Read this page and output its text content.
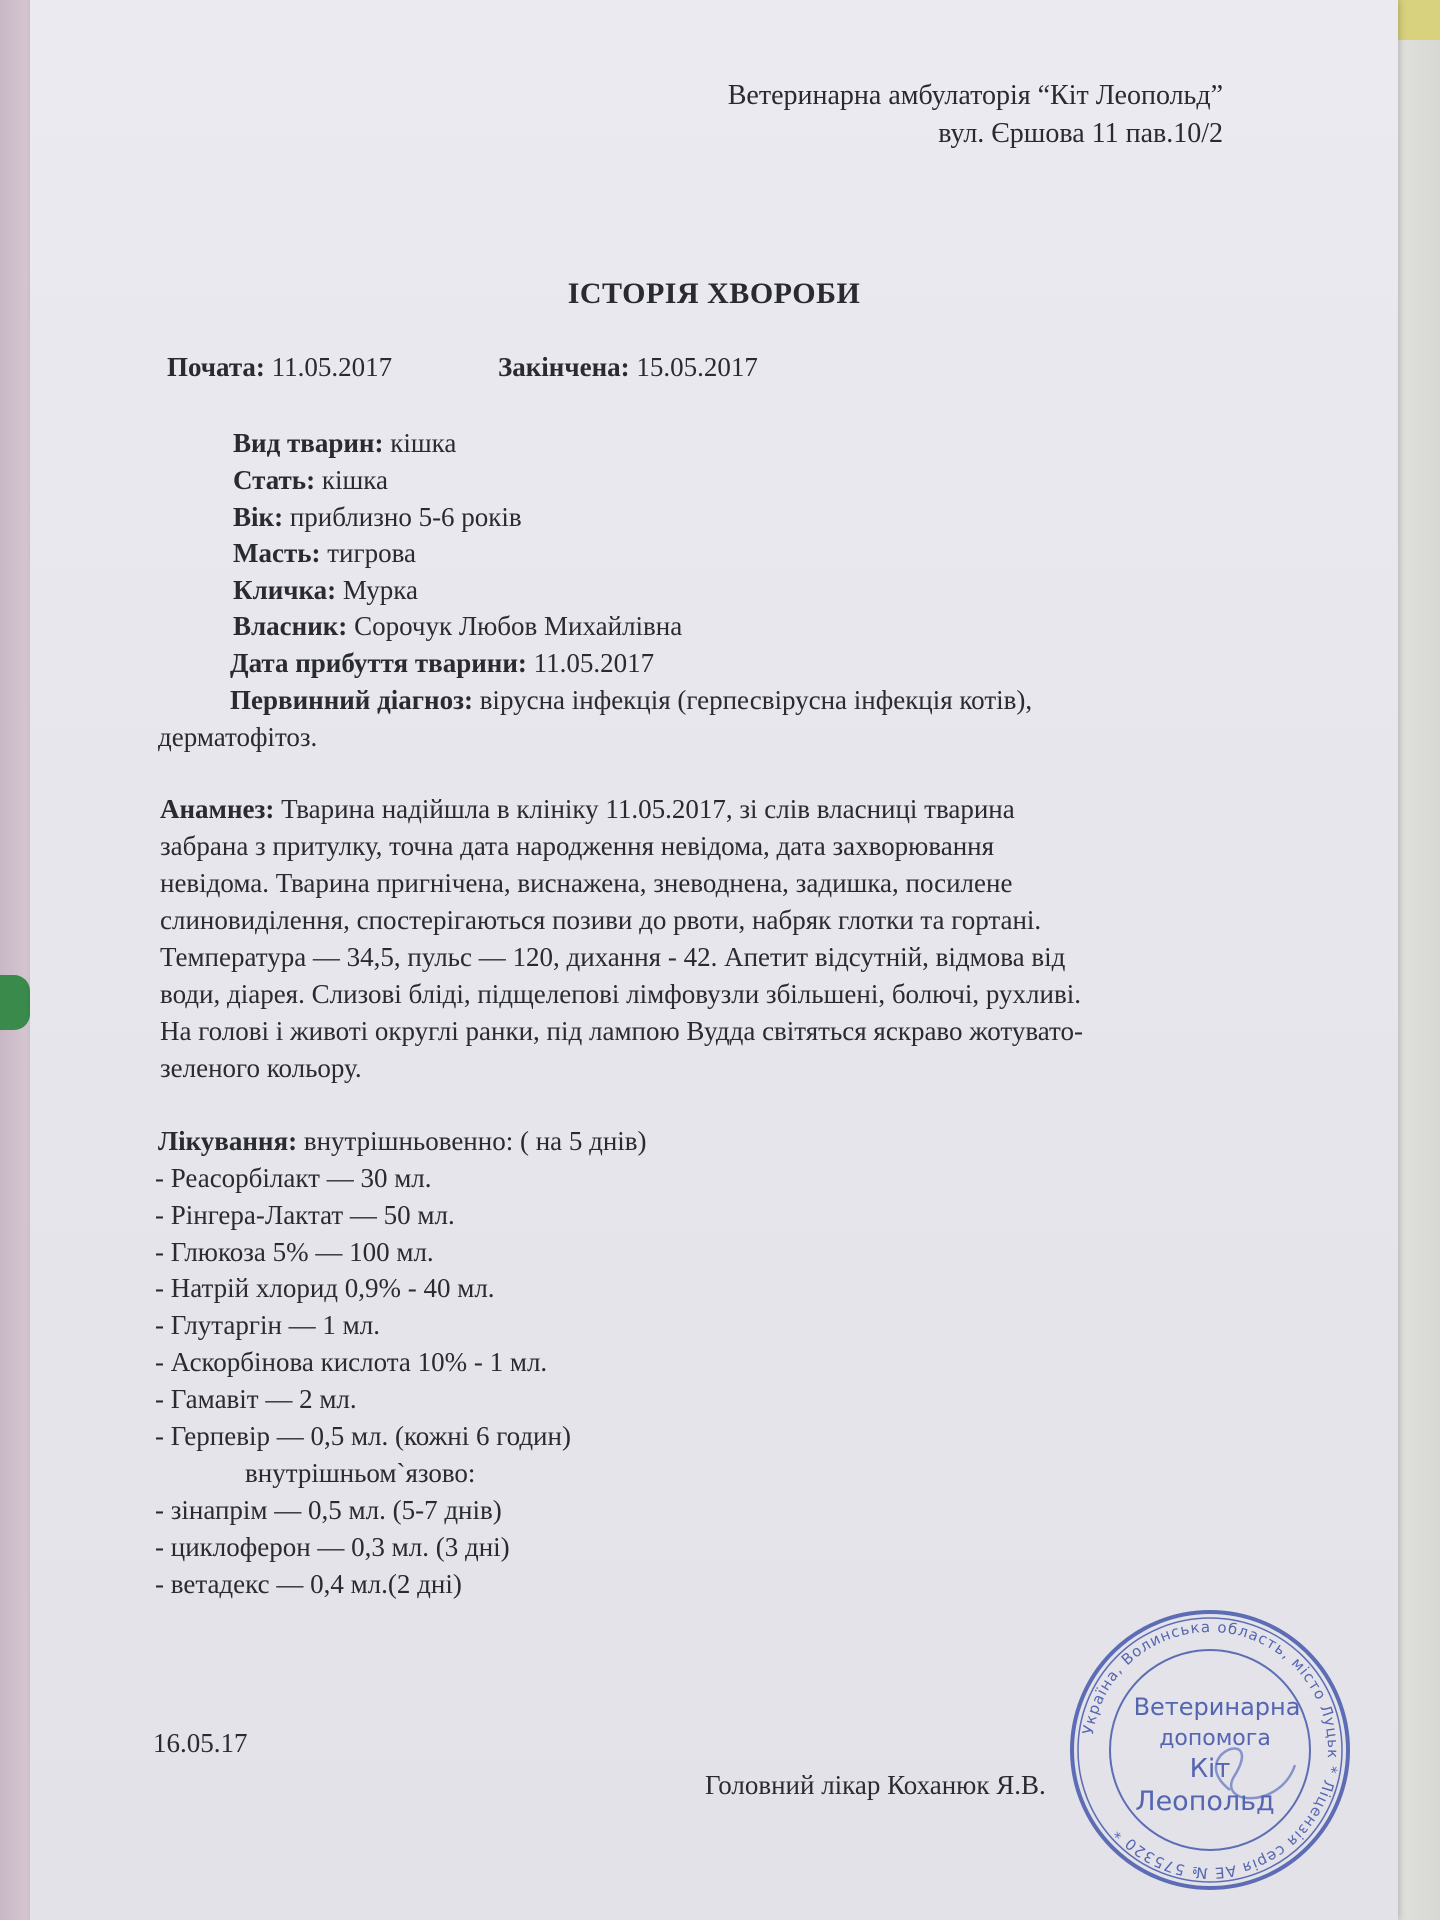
Ветеринарна амбулаторія “Кіт Леопольд”
вул. Єршова 11 пав.10/2
ІСТОРІЯ ХВОРОБИ
Почата: 11.05.2017	Закінчена: 15.05.2017
Вид тварин: кішка
Стать: кішка
Вік: приблизно 5-6 років
Масть: тигрова
Кличка: Мурка
Власник: Сорочук Любов Михайлівна
Дата прибуття тварини: 11.05.2017
Первинний діагноз: вірусна інфекція (герпесвірусна інфекція котів),
дерматофітоз.
Анамнез: Тварина надійшла в клініку 11.05.2017, зі слів власниці тварина
забрана з притулку, точна дата народження невідома, дата захворювання
невідома. Тварина пригнічена, виснажена, зневоднена, задишка, посилене
слиновиділення, спостерігаються позиви до рвоти, набряк глотки та гортані.
Температура — 34,5, пульс — 120, дихання - 42. Апетит відсутній, відмова від
води, діарея. Слизові бліді, підщелепові лімфовузли збільшені, болючі, рухливі.
На голові і животі округлі ранки, під лампою Вудда світяться яскраво жотувато-
зеленого кольору.
Лікування: внутрішньовенно: ( на 5 днів)
- Реасорбілакт — 30 мл.
- Рінгера-Лактат — 50 мл.
- Глюкоза 5% — 100 мл.
- Натрій хлорид 0,9% - 40 мл.
- Глутаргін — 1 мл.
- Аскорбінова кислота 10% - 1 мл.
- Гамавіт — 2 мл.
- Герпевір — 0,5 мл. (кожні 6 годин)
внутрішньом`язово:
- зінапрім — 0,5 мл. (5-7 днів)
- циклоферон — 0,3 мл. (3 дні)
- ветадекс — 0,4 мл.(2 дні)
16.05.17
Головний лікар Коханюк Я.В.
Україна, Волинська область, місто Луцьк * Ліцензія серія АЕ № 575320 *
Ветеринарна
допомога
Кіт
Леопольд
